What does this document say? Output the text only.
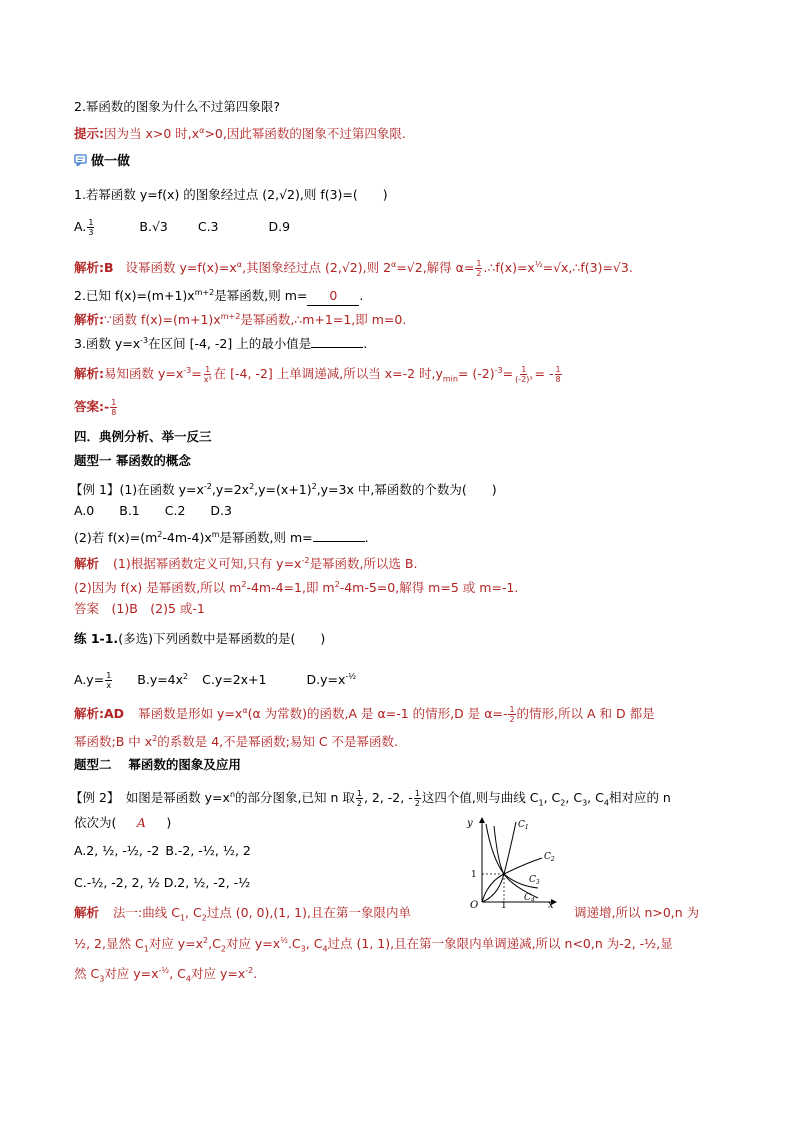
2.幂函数的图象为什么不过第四象限?
提示:因为当 x>0 时$,x^\alpha>0$,因此幂函数的图象不过第四象限.
做一做
1.若幂函数 y=f(x) 的图象经过点 (2,√2),则 f(3)=(　　)
A. $\frac{1}{3}$	B.√3 C.3	D.9
解析:B 设幂函数 $y=f(x)=x^\alpha$,其图象经过点 (2,√2),则 $2^\alpha=√2$,解得 $\alpha= \frac{1}{2}$ $.\therefore f(x)=x^{\frac{1}{2}}=√x,\therefore f(3)=√3$.
2.已知 $f(x)=(m+1)x^{m+2}$是幂函数,则 m= 0 .
解析:∵函数 $f(x)=(m+1)x^{m+2}$是幂函数,∴m+1=1,即 m=0.
3.函数 $y=x^{-3}$在区间 [-4, -2] 上的最小值是	.
解析:易知函数 $y=x^{-3}= \frac{1}{\text{x³}}$ 在 [-4, -2] 上单调递减,所以当 x=-2 时$,y_{min}= (-2)^{-3}= \frac{1}{\text{(-2)³}}$ = - $\frac{1}{8}$
答案:- $\frac{1}{8}$
四．典例分析、举一反三
题型一 幂函数的概念
【例 1】(1)在函数 $y=x^{-2},y=2x^2,y=(x+1)^2,y=3x$ 中,幂函数的个数为(　　)
A.0　　B.1　　C.2　　D.3
(2)若 $f(x)=(m^2-4m-4)x^m$是幂函数,则 m=	.
解析 (1)根据幂函数定义可知,只有 $y=x^{-2}$是幂函数,所以选 B.
(2)因为 f(x) 是幂函数,所以 $m^2-4m-4=1$,即 $m^2-4m-5=0$,解得 m=5 或 m=-1.
答案　(1)B　(2)5 或-1
练 1-1.(多选)下列函数中是幂函数的是(　　)
$A.y= \frac{1}{x} B.y=4x^2$ C.y=2x+1	$D.y=x^{-\frac{1}{2}}$
解析:AD 幂函数是形如 $y=x^\alpha(\alpha$ 为常数)的函数,A 是 α=-1 的情形,D 是 $\alpha=- \frac{1}{2}$ 的情形,所以 A 和 D 都是
幂函数;B 中 $x^2$的系数是 4,不是幂函数;易知 C 不是幂函数.
题型二　 幂函数的图象及应用
【例 2】　如图是幂函数 $y=x^n$的部分图象,已知 n 取 $\frac{1}{2}$ , 2, -2, - $\frac{1}{2}$ 这四个值,则与曲线 $C_1$, $C_2$, $C_3$, $C_4$相对应的 n
依次为( A )
A.2, ½, -½, -2 B.-2, -½, ½, 2
C.-½, -2, 2, ½ D.2, ½, -2, -½
y
x
O	1
1
$C_1$
$C_2$
$C_3$
$C_4$
解析 法一:曲线 $C_1$, $C_2$过点 (0, 0),(1, 1),且在第一象限内单	调递增,所以 n>0,n 为
½, 2,显然 $C_1$对应 $y=x^2,C_2$对应 $y=x^{\frac{1}{2}}.C_3$, $C_4$过点 (1, 1),且在第一象限内单调递减,所以 n<0,n 为-2, -½,显
然 $C_3$对应 $y=x^{-\frac{1}{2}}$, $C_4$对应 $y=x^{-2}$.
